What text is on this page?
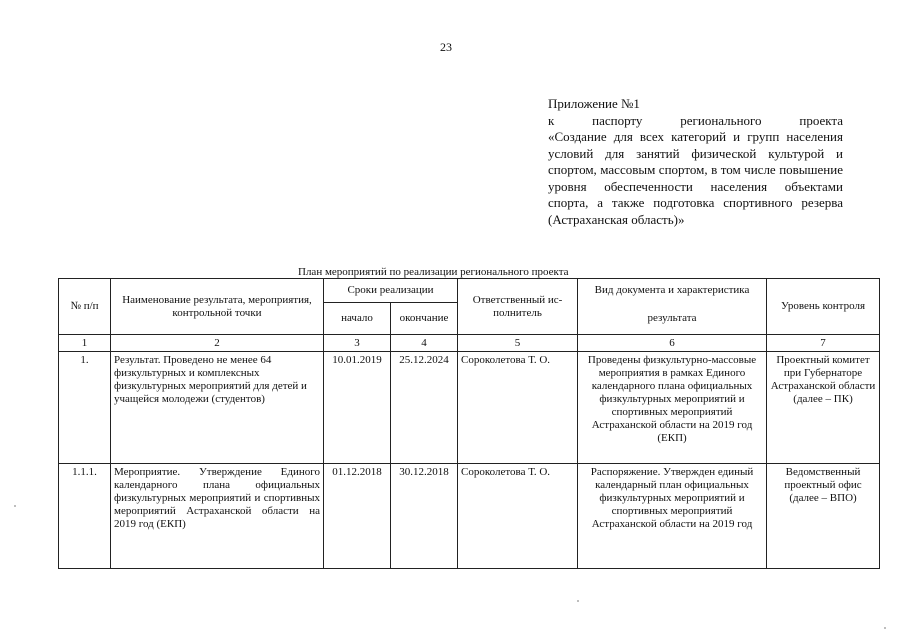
23
Приложение №1
к паспорту регионального проекта
«Создание для всех категорий и групп населения условий для занятий физической культурой и спортом, массовым спортом, в том числе повышение уровня обеспеченности населения объектами спорта, а также подготовка спортивного резерва (Астраханская область)»
План мероприятий по реализации регионального проекта
№ п/п	Наименование результата, мероприятия, контрольной точки	Сроки реализации		Ответственный исполнитель	Вид документа и характеристика	Уровень контроля
		начало	окончание		результата	
1	2	3	4	5	6	7
1.	Результат. Проведено не менее 64 физкультурных и комплексных физкультурных мероприятий для детей и учащейся молодежи (студентов)	10.01.2019	25.12.2024	Сороколетова Т. О.	Проведены физкультурно-массовые мероприятия в рамках Единого календарного плана официальных физкультурных мероприятий и спортивных мероприятий Астраханской области на 2019 год (ЕКП)	Проектный комитет при Губернаторе Астраханской области (далее – ПК)
1.1.1.	Мероприятие. Утверждение Единого календарного плана официальных физкультурных мероприятий и спортивных мероприятий Астраханской области на 2019 год (ЕКП)	01.12.2018	30.12.2018	Сороколетова Т. О.	Распоряжение. Утвержден единый календарный план официальных физкультурных мероприятий и спортивных мероприятий Астраханской области на 2019 год	Ведомственный проектный офис (далее – ВПО)
